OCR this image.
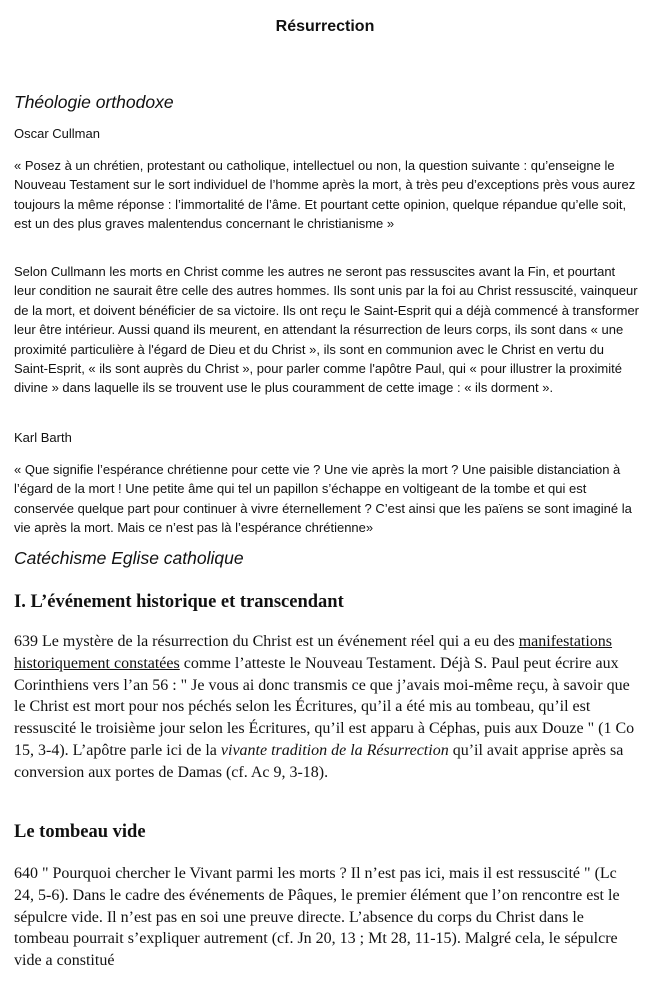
Résurrection
Théologie orthodoxe
Oscar Cullman

« Posez à un chrétien, protestant ou catholique, intellectuel ou non, la question suivante : qu’enseigne le Nouveau Testament sur le sort individuel de l’homme après la mort, à très peu d’exceptions près vous aurez toujours la même réponse : l’immortalité de l’âme. Et pourtant cette opinion, quelque répandue qu’elle soit, est un des plus graves malentendus concernant le christianisme »

Selon Cullmann les morts en Christ comme les autres ne seront pas ressuscites avant la Fin, et pourtant leur condition ne saurait être celle des autres hommes. Ils sont unis par la foi au Christ ressuscité, vainqueur de la mort, et doivent bénéficier de sa victoire. Ils ont reçu le Saint-Esprit qui a déjà commencé à transformer leur être intérieur. Aussi quand ils meurent, en attendant la résurrection de leurs corps, ils sont dans « une proximité particulière à l'égard de Dieu et du Christ », ils sont en communion avec le Christ en vertu du Saint-Esprit, « ils sont auprès du Christ », pour parler comme l'apôtre Paul, qui « pour illustrer la proximité divine » dans laquelle ils se trouvent use le plus couramment de cette image : « ils dorment ».

Karl Barth

« Que signifie l’espérance chrétienne pour cette vie ? Une vie après la mort ? Une paisible distanciation à l’égard de la mort ! Une petite âme qui tel un papillon s’échappe en voltigeant de la tombe et qui est conservée quelque part pour continuer à vivre éternellement ? C’est ainsi que les païens se sont imaginé la vie après la mort. Mais ce n’est pas là l’espérance chrétienne»

Catéchisme Eglise catholique
I. L’événement historique et transcendant

639 Le mystère de la résurrection du Christ est un événement réel qui a eu des manifestations historiquement constatées comme l’atteste le Nouveau Testament. Déjà S. Paul peut écrire aux Corinthiens vers l’an 56 : " Je vous ai donc transmis ce que j’avais moi-même reçu, à savoir que le Christ est mort pour nos péchés selon les Écritures, qu’il a été mis au tombeau, qu’il est ressuscité le troisième jour selon les Écritures, qu’il est apparu à Céphas, puis aux Douze " (1 Co 15, 3-4). L’apôtre parle ici de la vivante tradition de la Résurrection qu’il avait apprise après sa conversion aux portes de Damas (cf. Ac 9, 3-18).

Le tombeau vide

640 " Pourquoi chercher le Vivant parmi les morts ? Il n’est pas ici, mais il est ressuscité " (Lc 24, 5-6). Dans le cadre des événements de Pâques, le premier élément que l’on rencontre est le sépulcre vide. Il n’est pas en soi une preuve directe. L’absence du corps du Christ dans le tombeau pourrait s’expliquer autrement (cf. Jn 20, 13 ; Mt 28, 11-15). Malgré cela, le sépulcre vide a constitué
